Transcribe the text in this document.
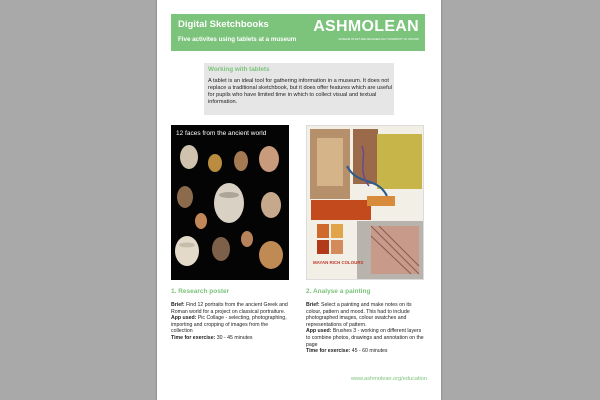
Digital Sketchbooks
Five activites using tablets at a museum
ASHMOLEAN
MUSEUM OF ART AND ARCHAEOLOGY UNIVERSITY OF OXFORD
Working with tablets
A tablet is an ideal tool for gathering information in a museum. It does not replace a traditional sketchbook, but it does offer features which are useful for pupils who have limited time in which to collect visual and textual information.
12 faces from the ancient world
MAYAN RICH COLOURS
1. Research poster	2. Analyse a painting
Brief: Find 12 portraits from the ancient Greek and Roman world for a project on classical portraiture.
App used: Pic Collage - selecting, photographing, importing and cropping of images from the collection
Time for exercise: 30 - 45 minutes
Brief: Select a painting and make notes on its colour, pattern and mood. This had to include photographed images, colour swatches and representations of pattern.
App used: Brushes 3 - working on different layers to combine photos, drawings and annotation on the page
Time for exercise: 45 - 60 minutes
www.ashmolean.org/education
